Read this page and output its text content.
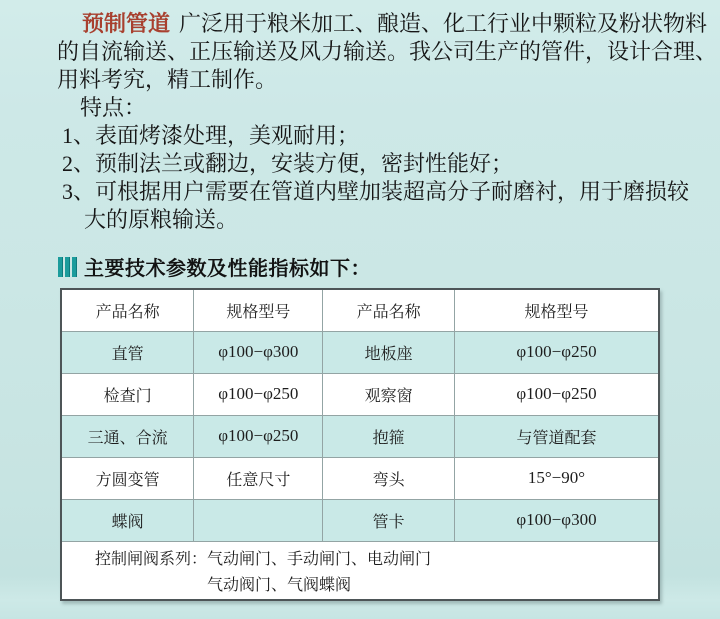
预制管道 广泛用于粮米加工、酿造、化工行业中颗粒及粉状物料
的自流输送、正压输送及风力输送。我公司生产的管件，设计合理、
用料考究，精工制作。
特点：
1、表面烤漆处理，美观耐用；
2、预制法兰或翻边，安装方便，密封性能好；
3、可根据用户需要在管道内壁加装超高分子耐磨衬，用于磨损较
大的原粮输送。
主要技术参数及性能指标如下：
产品名称	规格型号	产品名称	规格型号
直管	φ100−φ300	地板座	φ100−φ250
检查门	φ100−φ250	观察窗	φ100−φ250
三通、合流	φ100−φ250	抱箍	与管道配套
方圆变管	任意尺寸	弯头	15°−90°
蝶阀		管卡	φ100−φ300

控制闸阀系列：气动闸门、手动闸门、电动闸门
气动阀门、气阀蝶阀			
